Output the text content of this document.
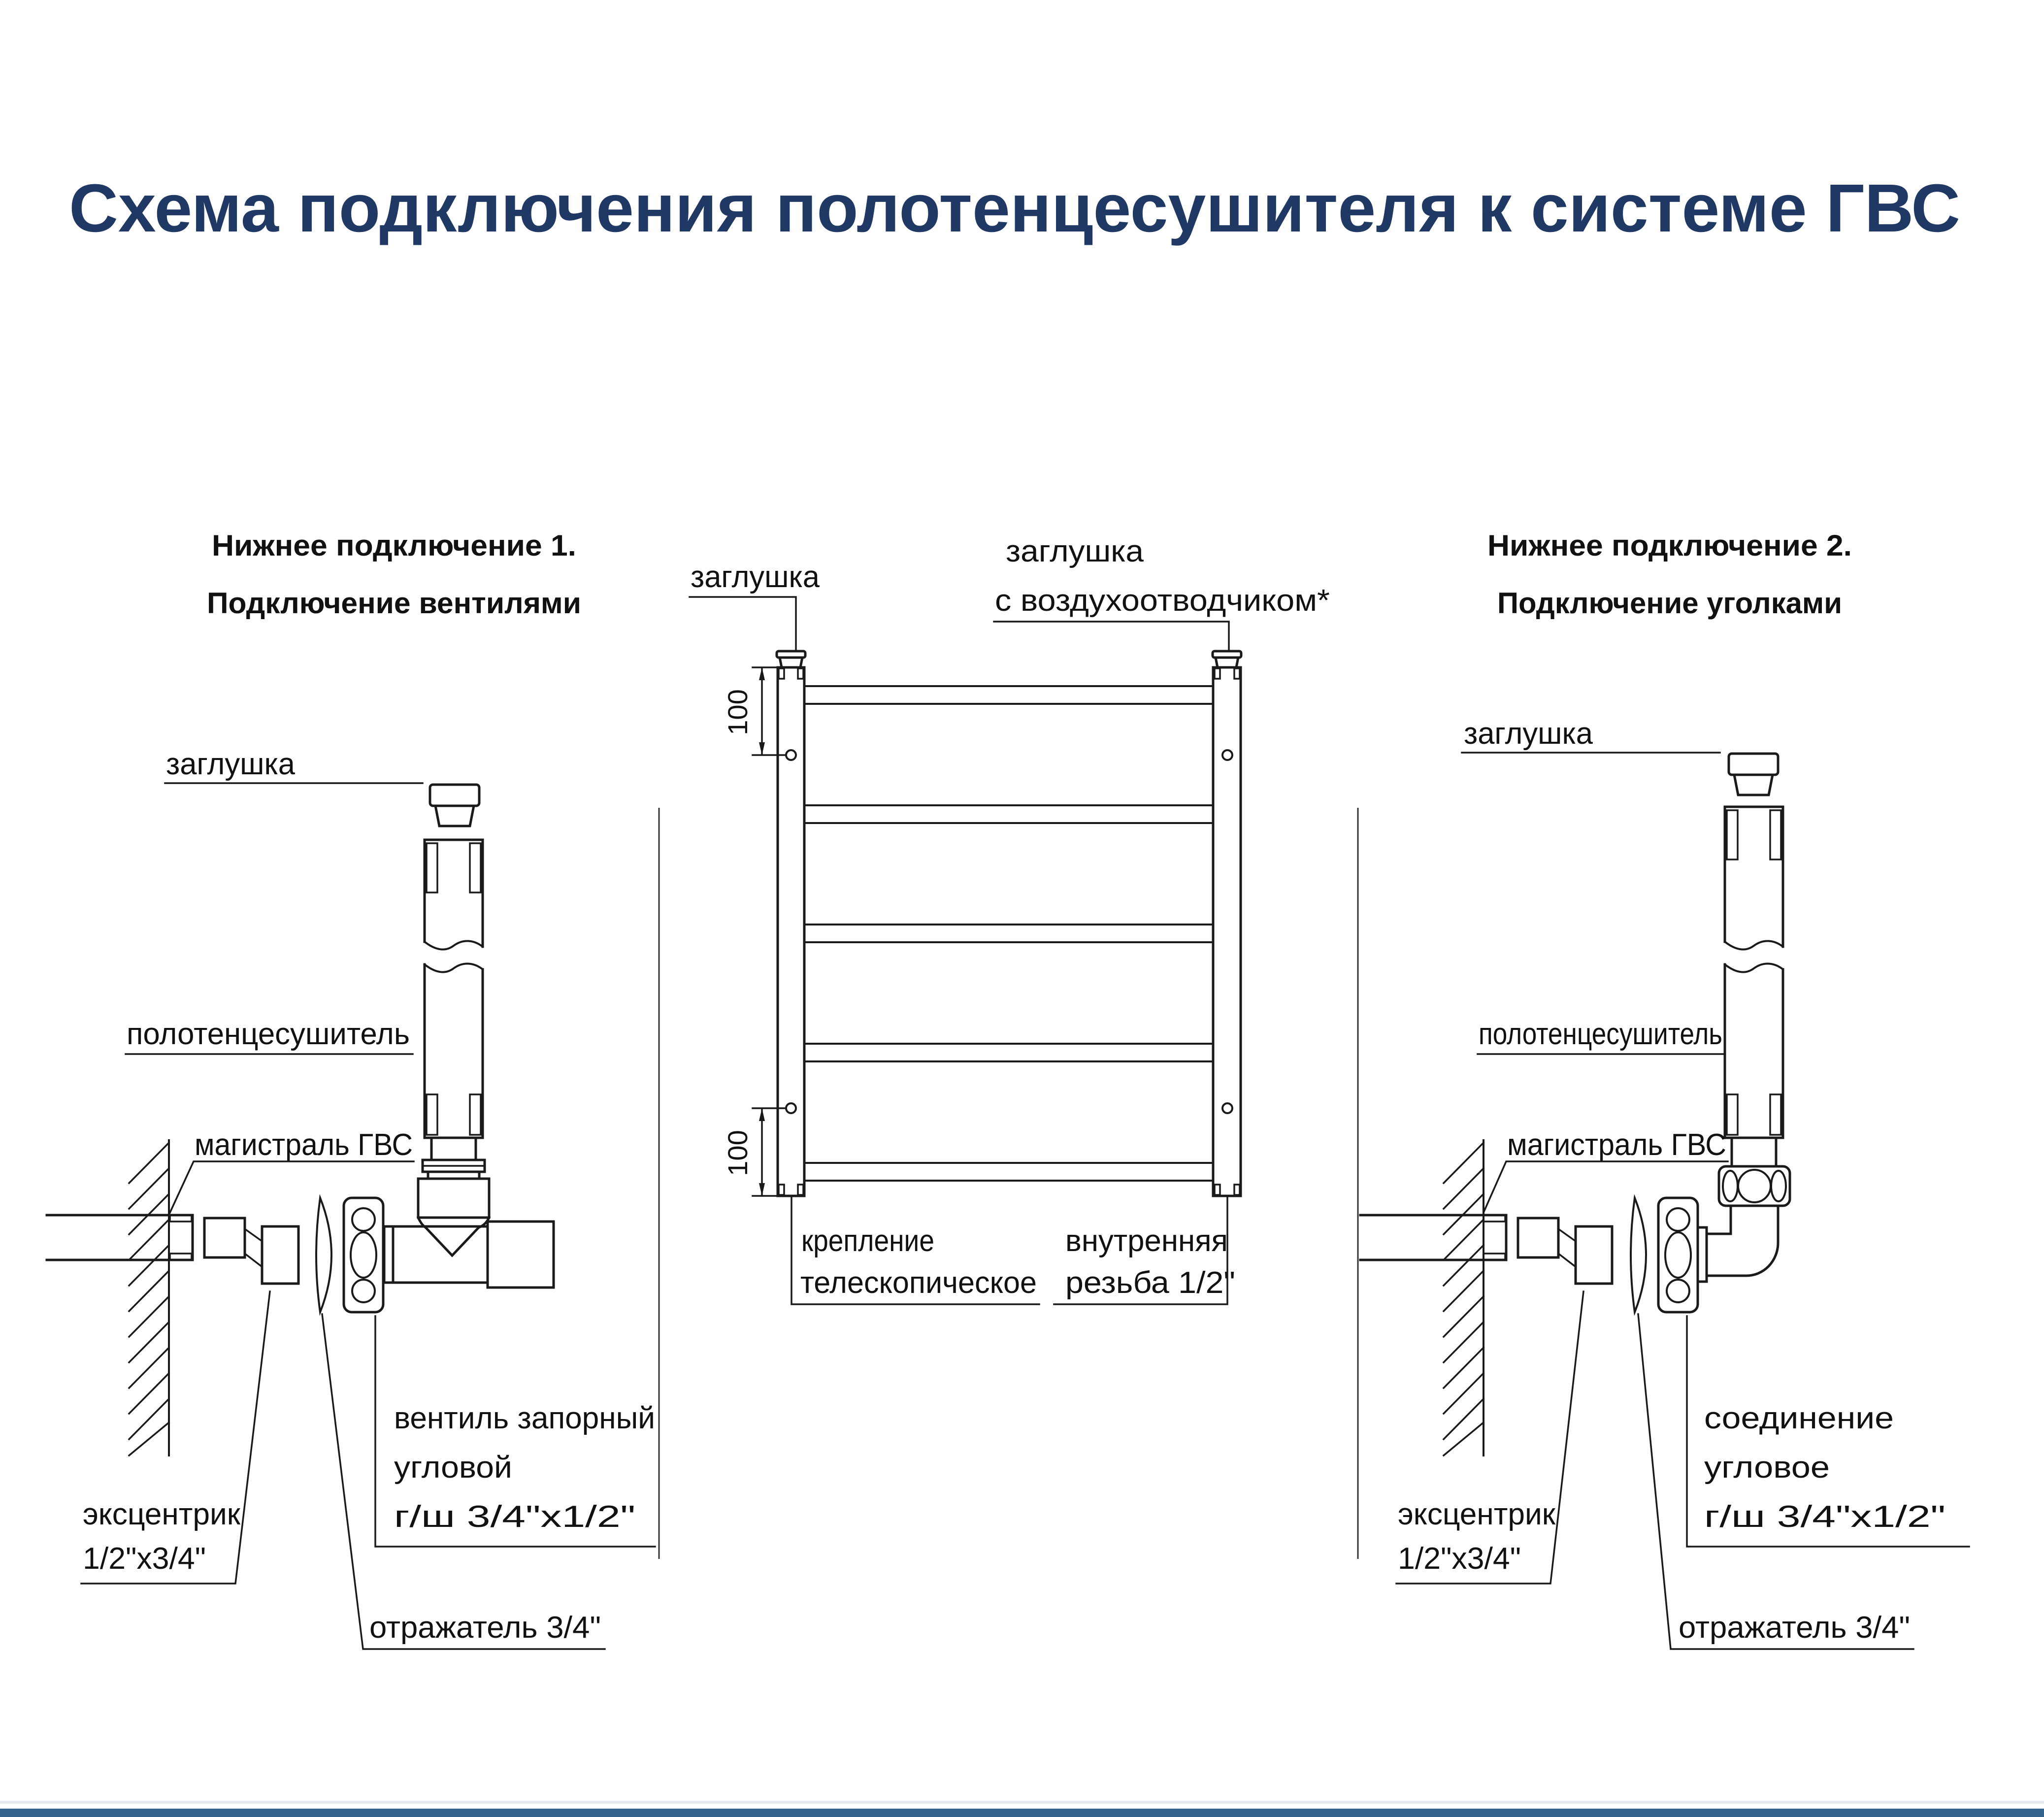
Схема подключения полотенцесушителя к системе ГВС
Нижнее подключение 1.
Подключение вентилями
заглушка
полотенцесушитель
магистраль ГВС
эксцентрик
1/2"х3/4"
вентиль запорный
угловой
г/ш 3/4"х1/2"
отражатель 3/4"
100
100
заглушка
заглушка
с воздухоотводчиком*
крепление
телескопическое
внутренняя
резьба 1/2"
Нижнее подключение 2.
Подключение уголками
заглушка
полотенцесушитель
магистраль ГВС
эксцентрик
1/2"х3/4"
соединение
угловое
г/ш 3/4"х1/2"
отражатель 3/4"
